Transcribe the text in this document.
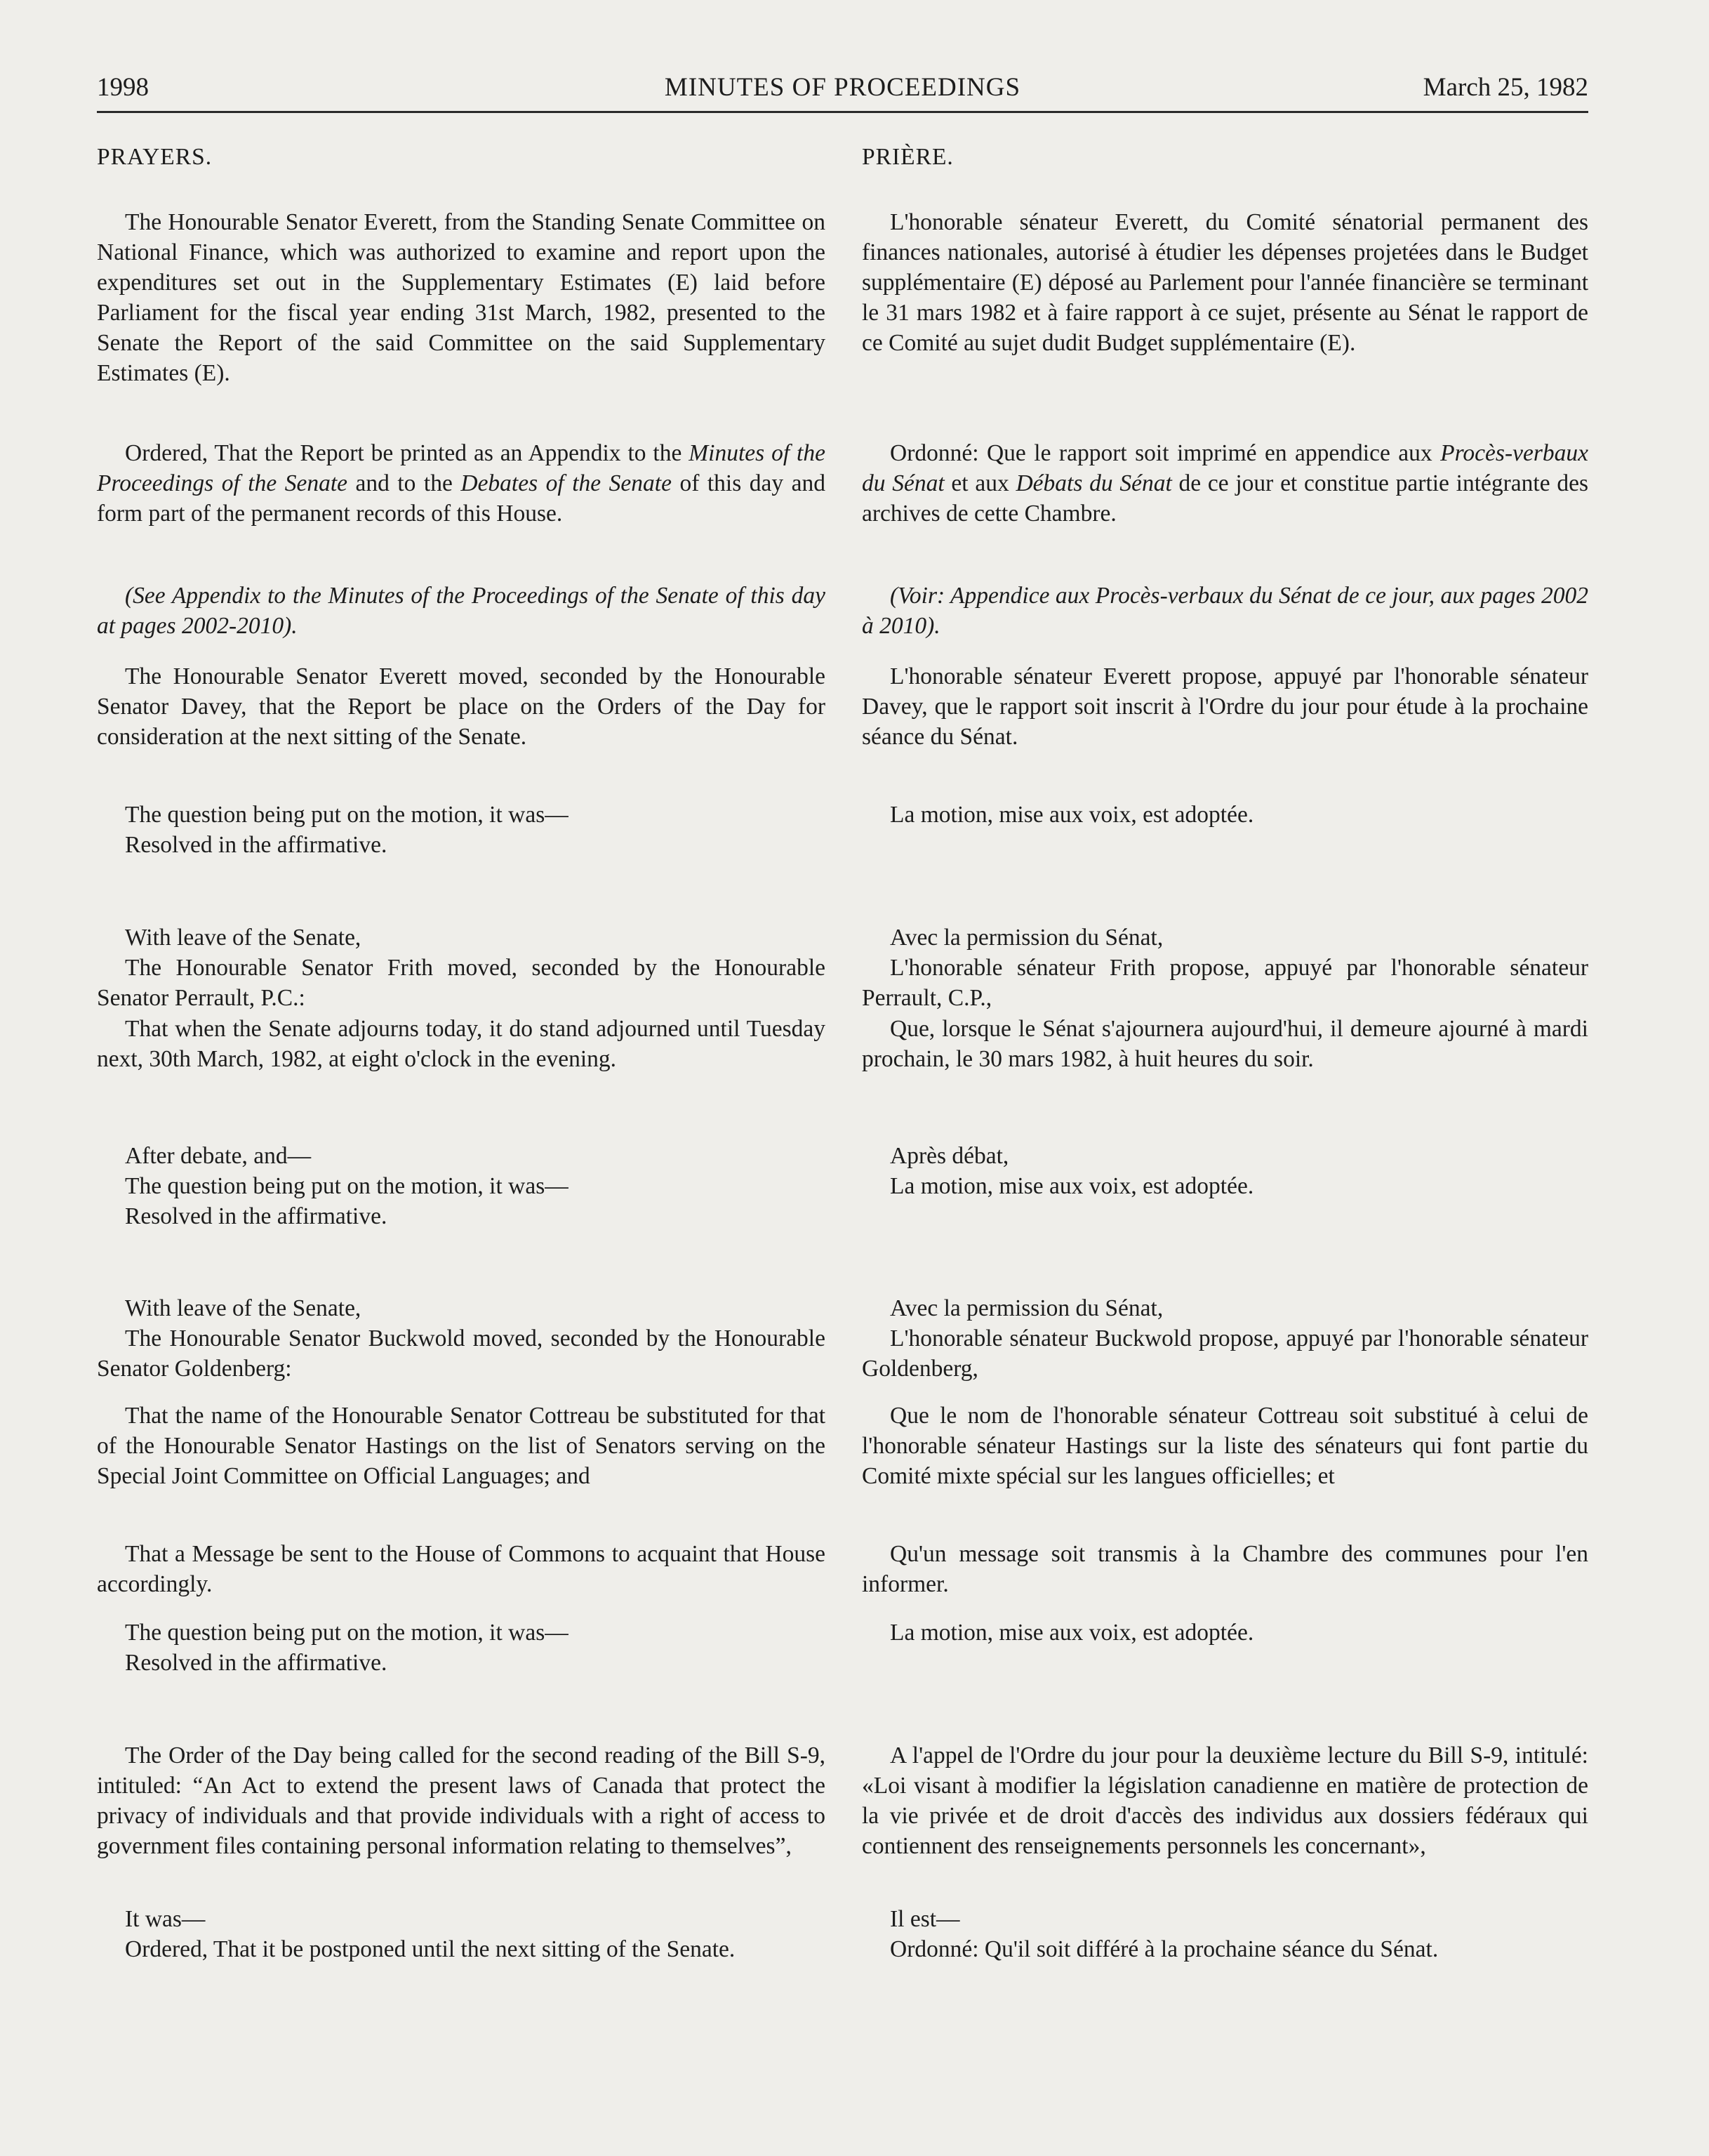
1998	MINUTES OF PROCEEDINGS	March 25, 1982
PRAYERS.

The Honourable Senator Everett, from the Standing Senate Committee on National Finance, which was authorized to examine and report upon the expenditures set out in the Supplementary Estimates (E) laid before Parliament for the fiscal year ending 31st March, 1982, presented to the Senate the Report of the said Committee on the said Supplementary Estimates (E).

Ordered, That the Report be printed as an Appendix to the Minutes of the Proceedings of the Senate and to the Debates of the Senate of this day and form part of the permanent records of this House.

(See Appendix to the Minutes of the Proceedings of the Senate of this day at pages 2002-2010).

The Honourable Senator Everett moved, seconded by the Honourable Senator Davey, that the Report be place on the Orders of the Day for consideration at the next sitting of the Senate.

The question being put on the motion, it was—
Resolved in the affirmative.

With leave of the Senate,
The Honourable Senator Frith moved, seconded by the Honourable Senator Perrault, P.C.:

That when the Senate adjourns today, it do stand adjourned until Tuesday next, 30th March, 1982, at eight o'clock in the evening.

After debate, and—
The question being put on the motion, it was—
Resolved in the affirmative.

With leave of the Senate,
The Honourable Senator Buckwold moved, seconded by the Honourable Senator Goldenberg:

That the name of the Honourable Senator Cottreau be substituted for that of the Honourable Senator Hastings on the list of Senators serving on the Special Joint Committee on Official Languages; and

That a Message be sent to the House of Commons to acquaint that House accordingly.

The question being put on the motion, it was—
Resolved in the affirmative.

The Order of the Day being called for the second reading of the Bill S-9, intituled: “An Act to extend the present laws of Canada that protect the privacy of individuals and that provide individuals with a right of access to government files containing personal information relating to themselves”,

It was—
Ordered, That it be postponed until the next sitting of the Senate.

PRIÈRE.

L'honorable sénateur Everett, du Comité sénatorial permanent des finances nationales, autorisé à étudier les dépenses projetées dans le Budget supplémentaire (E) déposé au Parlement pour l'année financière se terminant le 31 mars 1982 et à faire rapport à ce sujet, présente au Sénat le rapport de ce Comité au sujet dudit Budget supplémentaire (E).

Ordonné: Que le rapport soit imprimé en appendice aux Procès-verbaux du Sénat et aux Débats du Sénat de ce jour et constitue partie intégrante des archives de cette Chambre.

(Voir: Appendice aux Procès-verbaux du Sénat de ce jour, aux pages 2002 à 2010).

L'honorable sénateur Everett propose, appuyé par l'honorable sénateur Davey, que le rapport soit inscrit à l'Ordre du jour pour étude à la prochaine séance du Sénat.

La motion, mise aux voix, est adoptée.

Avec la permission du Sénat,
L'honorable sénateur Frith propose, appuyé par l'honorable sénateur Perrault, C.P.,

Que, lorsque le Sénat s'ajournera aujourd'hui, il demeure ajourné à mardi prochain, le 30 mars 1982, à huit heures du soir.

Après débat,
La motion, mise aux voix, est adoptée.

Avec la permission du Sénat,
L'honorable sénateur Buckwold propose, appuyé par l'honorable sénateur Goldenberg,

Que le nom de l'honorable sénateur Cottreau soit substitué à celui de l'honorable sénateur Hastings sur la liste des sénateurs qui font partie du Comité mixte spécial sur les langues officielles; et

Qu'un message soit transmis à la Chambre des communes pour l'en informer.

La motion, mise aux voix, est adoptée.

A l'appel de l'Ordre du jour pour la deuxième lecture du Bill S-9, intitulé: «Loi visant à modifier la législation canadienne en matière de protection de la vie privée et de droit d'accès des individus aux dossiers fédéraux qui contiennent des renseignements personnels les concernant»,

Il est—
Ordonné: Qu'il soit différé à la prochaine séance du Sénat.
